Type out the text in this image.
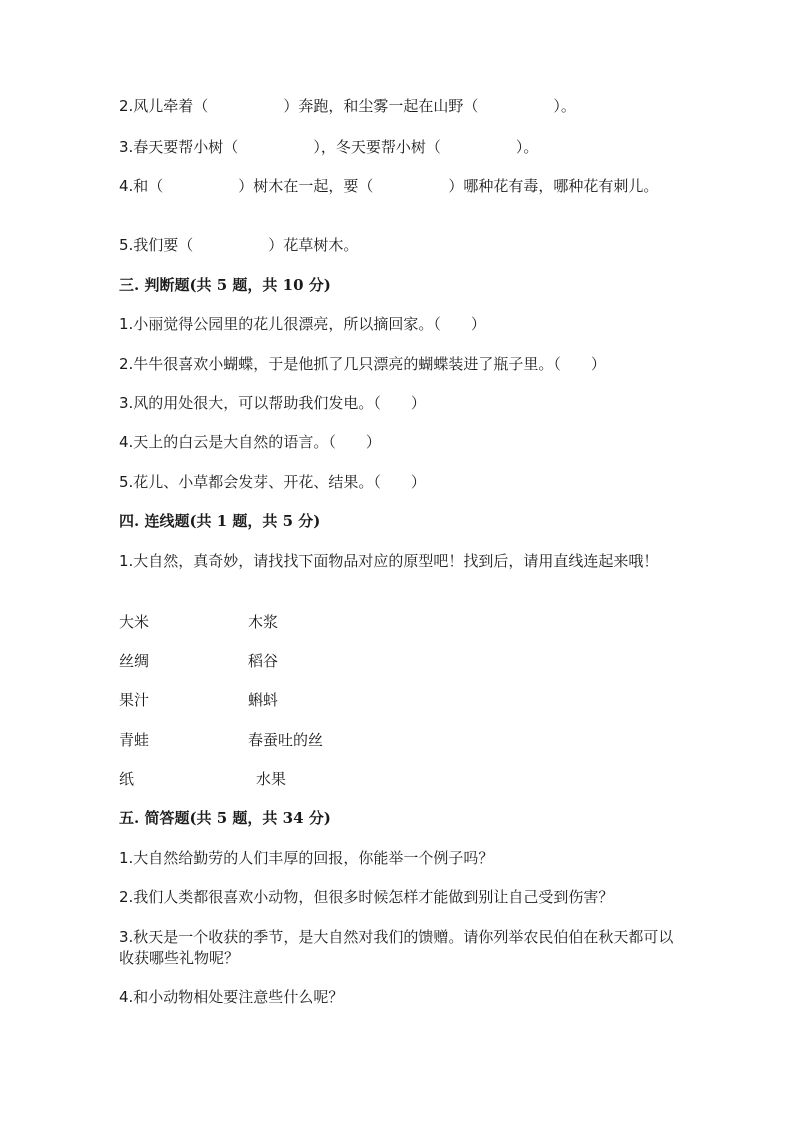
2.风儿牵着（　　　　　）奔跑，和尘雾一起在山野（　　　　　）。
3.春天要帮小树（　　　　　），冬天要帮小树（　　　　　）。
4.和（　　　　　）树木在一起，要（　　　　　）哪种花有毒，哪种花有刺儿。
5.我们要（　　　　　）花草树木。
三. 判断题(共 5 题，共 10 分)
1.小丽觉得公园里的花儿很漂亮，所以摘回家。（　　）
2.牛牛很喜欢小蝴蝶，于是他抓了几只漂亮的蝴蝶装进了瓶子里。（　　）
3.风的用处很大，可以帮助我们发电。（　　）
4.天上的白云是大自然的语言。（　　）
5.花儿、小草都会发芽、开花、结果。（　　）
四. 连线题(共 1 题，共 5 分)
1.大自然，真奇妙，请找找下面物品对应的原型吧！找到后，请用直线连起来哦！
大米	木浆
丝绸	稻谷
果汁	蝌蚪
青蛙	春蚕吐的丝
纸	水果
五. 简答题(共 5 题，共 34 分)
1.大自然给勤劳的人们丰厚的回报，你能举一个例子吗？
2.我们人类都很喜欢小动物，但很多时候怎样才能做到别让自己受到伤害？
3.秋天是一个收获的季节，是大自然对我们的馈赠。请你列举农民伯伯在秋天都可以收获哪些礼物呢？
4.和小动物相处要注意些什么呢？
